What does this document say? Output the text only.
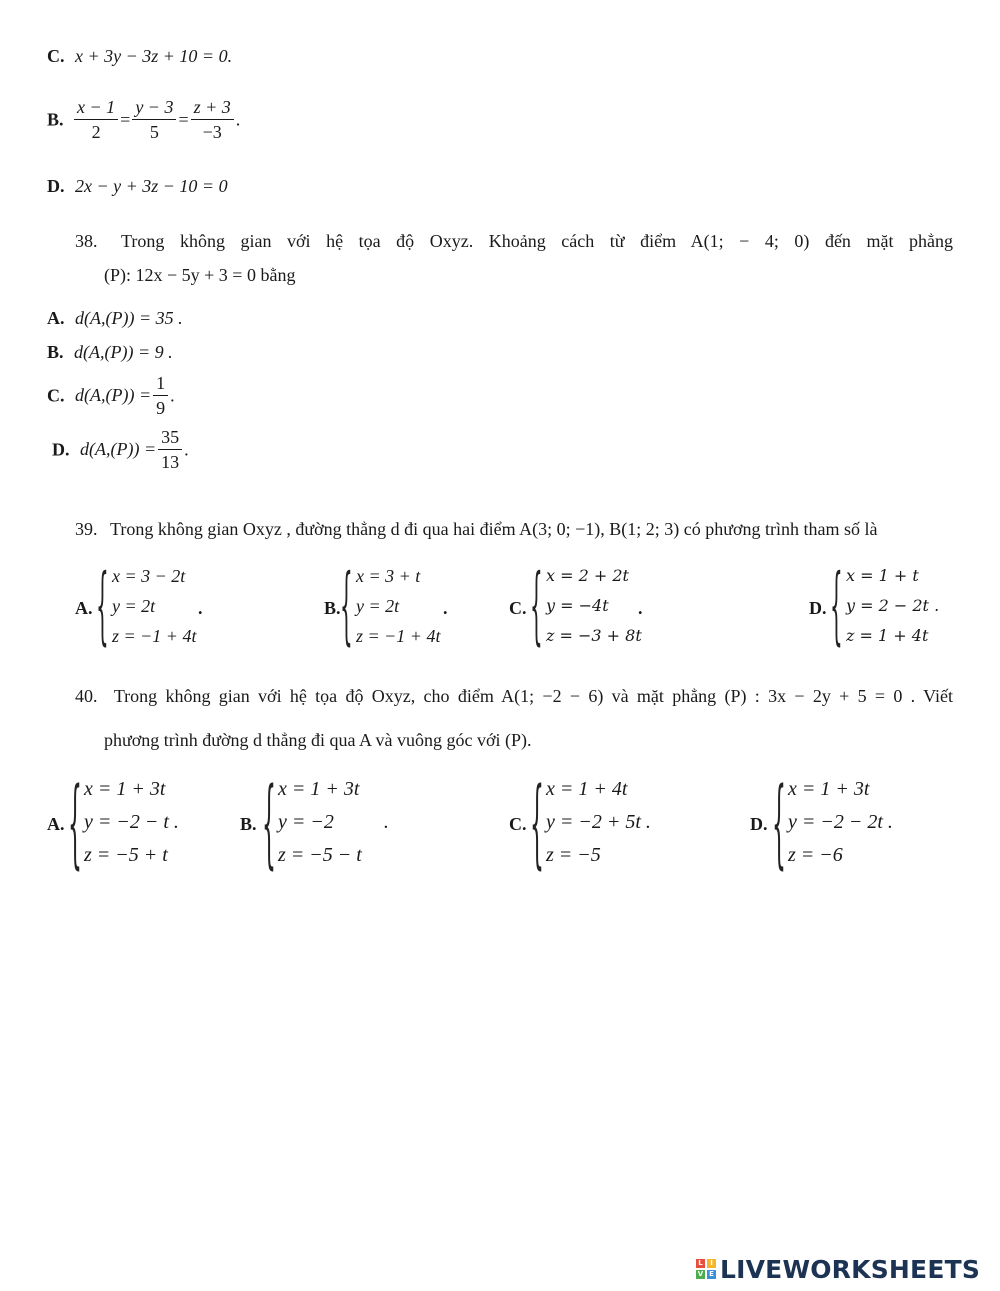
C. x + 3y − 3z + 10 = 0.
B. $\frac{x - 1}{2} = \frac{y - 3}{5} = \frac{z + 3}{-3}$ .
D. 2x − y + 3z − 10 = 0
38. Trong không gian với hệ tọa độ Oxyz. Khoảng cách từ điểm A(1; − 4; 0) đến mặt phẳng
(P): 12x − 5y + 3 = 0 bằng
A. d(A,(P)) = 35 .
B. d(A,(P)) = 9 .
C. $d(A,(P)) = \frac{1}{9}$ .
D. $d(A,(P)) = \frac{35}{13}$ .
39. Trong không gian Oxyz , đường thẳng d đi qua hai điểm A(3; 0; −1), B(1; 2; 3) có phương trình tham số là
A. { x = 3 − 2t
y = 2t
z = −1 + 4t
.	B. { x = 3 + t
y = 2t
z = −1 + 4t
.	C. { x = 2 + 2t
y = −4t
z = −3 + 8t
.	D. { x = 1 + t
y = 2 − 2t .
z = 1 + 4t
40. Trong không gian với hệ tọa độ Oxyz, cho điểm A(1; −2 − 6) và mặt phẳng (P) : 3x − 2y + 5 = 0 . Viết
phương trình đường d thẳng đi qua A và vuông góc với (P).
A. { x = 1 + 3t
y = −2 − t .
z = −5 + t
B. { x = 1 + 3t
y = −2          .
z = −5 − t
C. { x = 1 + 4t
y = −2 + 5t .
z = −5
D. { x = 1 + 3t
y = −2 − 2t .
z = −6
L	I
V E LIVEWORKSHEETS
